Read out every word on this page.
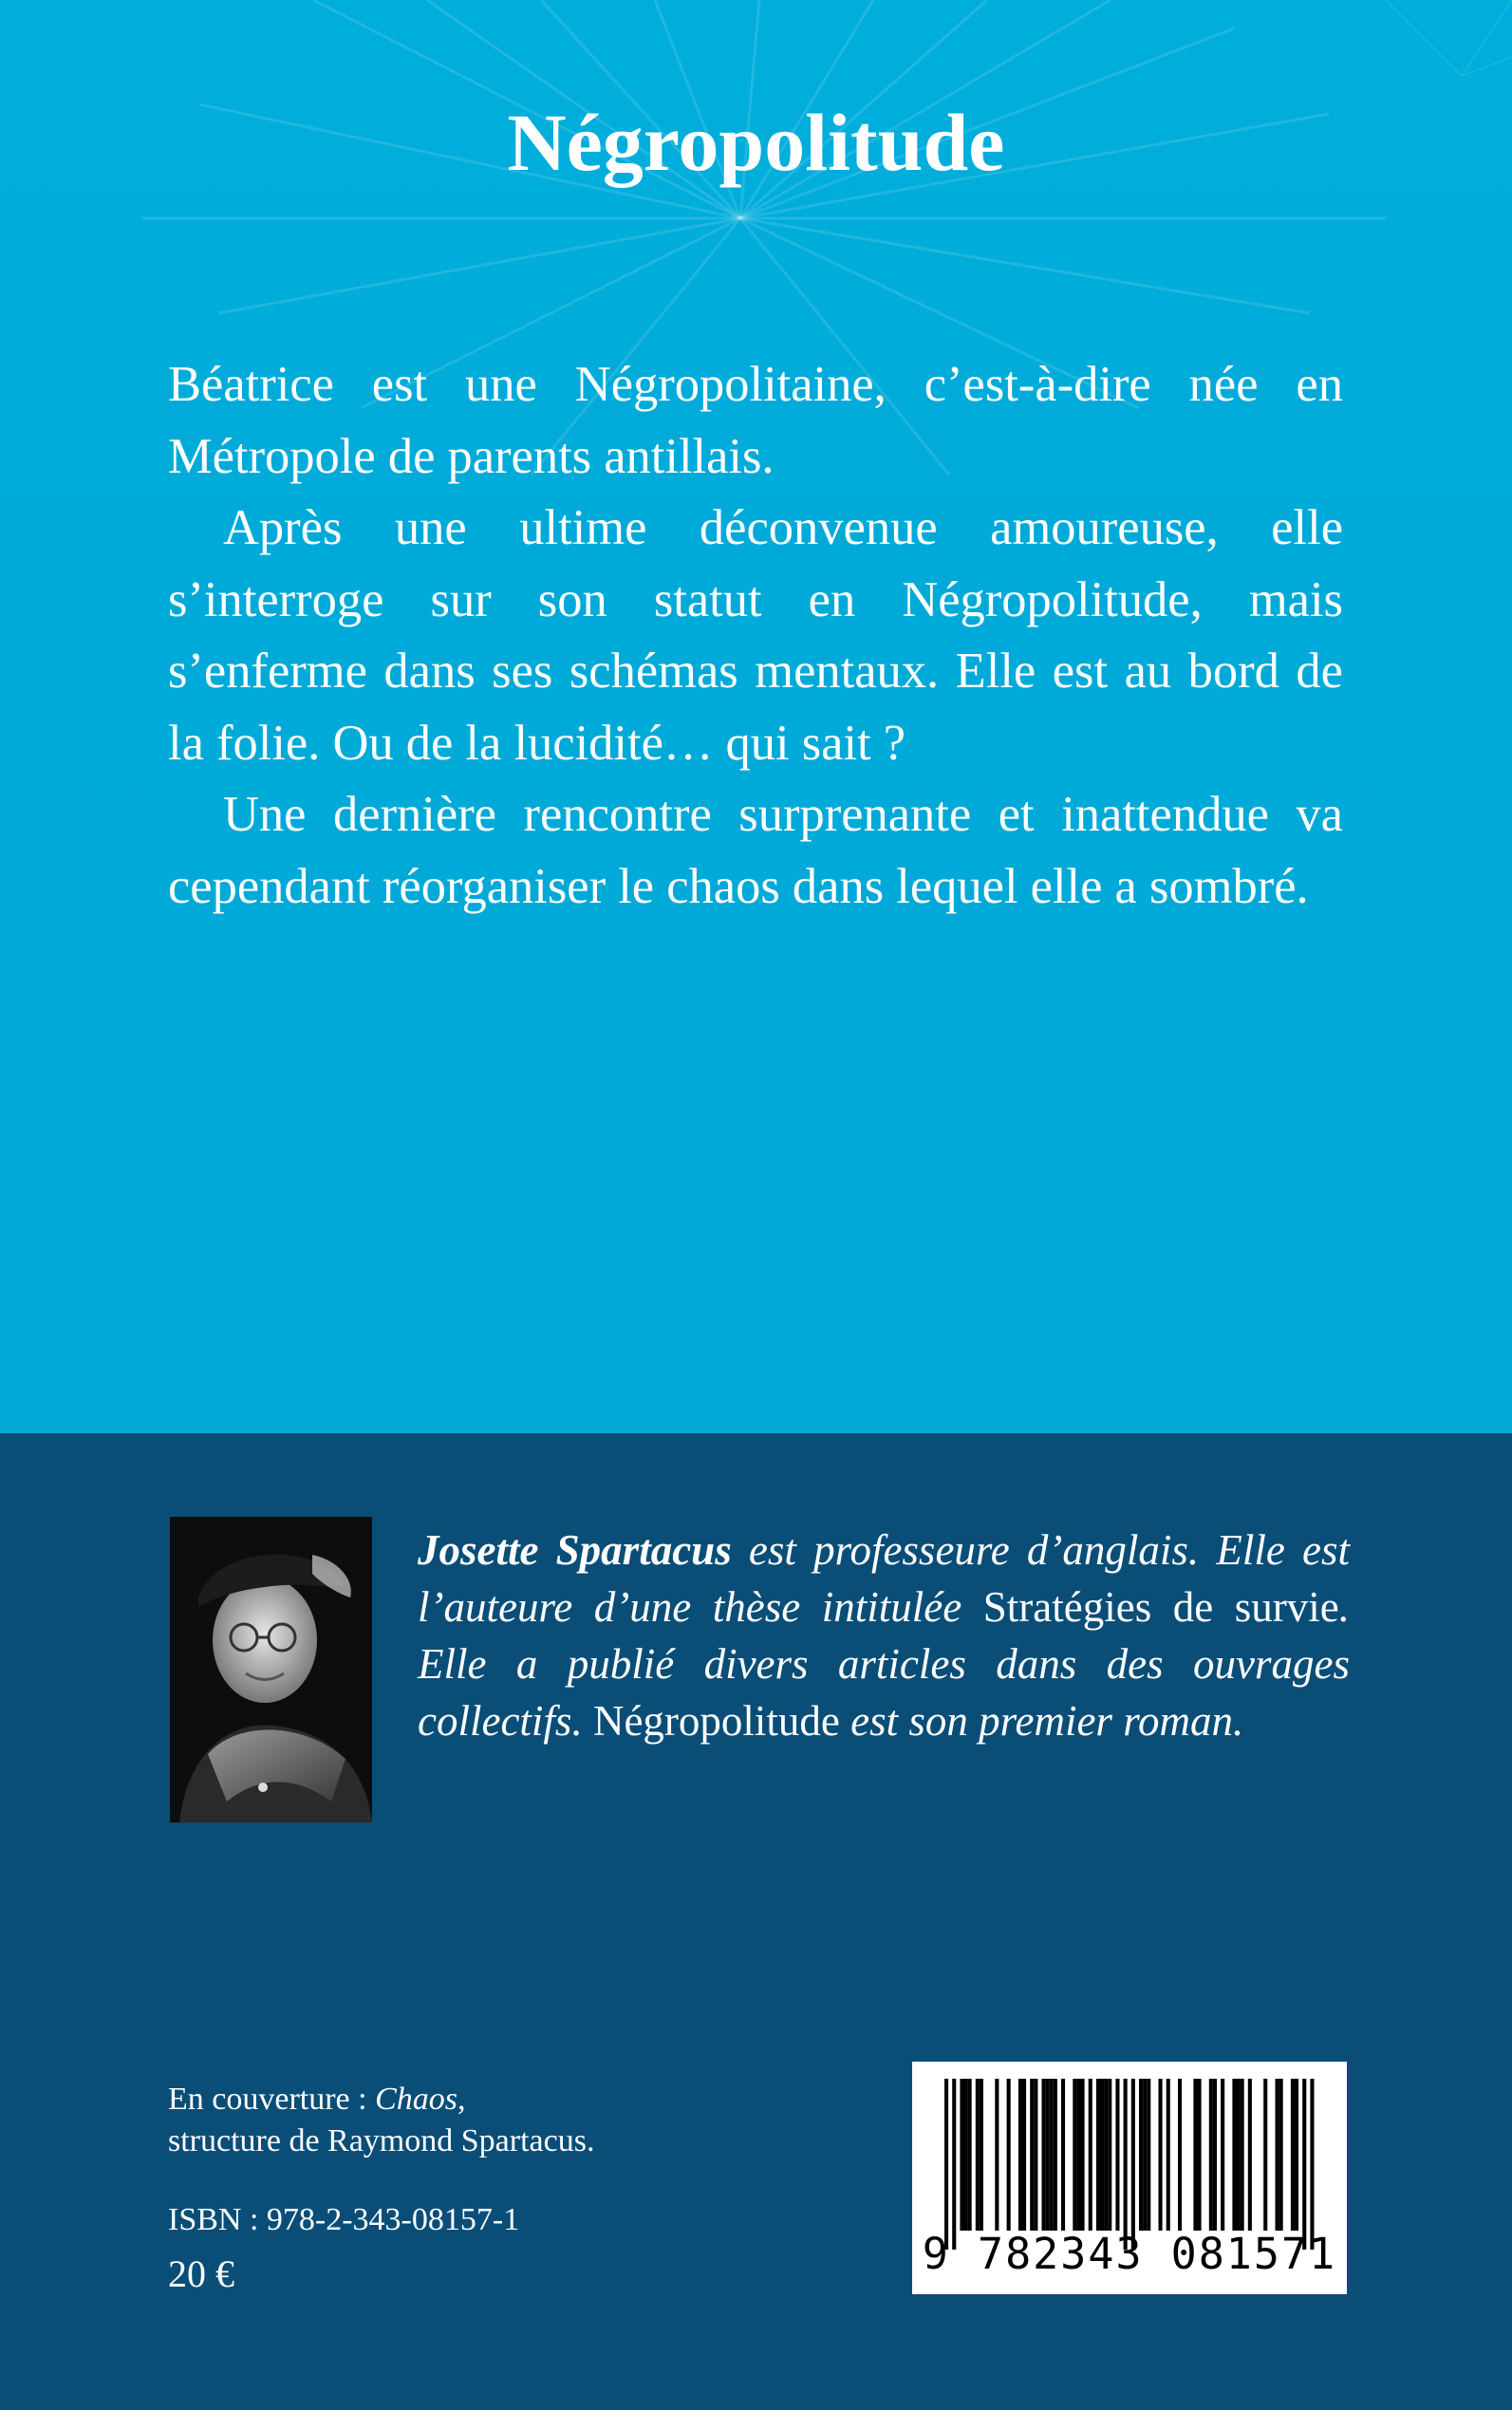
Négropolitude

Béatrice est une Négropolitaine, c’est-à-dire née en Métropole de parents antillais.

Après une ultime déconvenue amoureuse, elle s’interroge sur son statut en Négropolitude, mais s’enferme dans ses schémas mentaux. Elle est au bord de la folie. Ou de la lucidité… qui sait ?

Une dernière rencontre surprenante et inattendue va cependant réorganiser le chaos dans lequel elle a sombré.

Josette Spartacus est professeure d’anglais. Elle est l’auteure d’une thèse intitulée Stratégies de survie. Elle a publié divers articles dans des ouvrages collectifs. Négropolitude est son premier roman.
En couverture : Chaos,
structure de Raymond Spartacus.
ISBN : 978-2-343-08157-1
20 €	9 782343 081571
